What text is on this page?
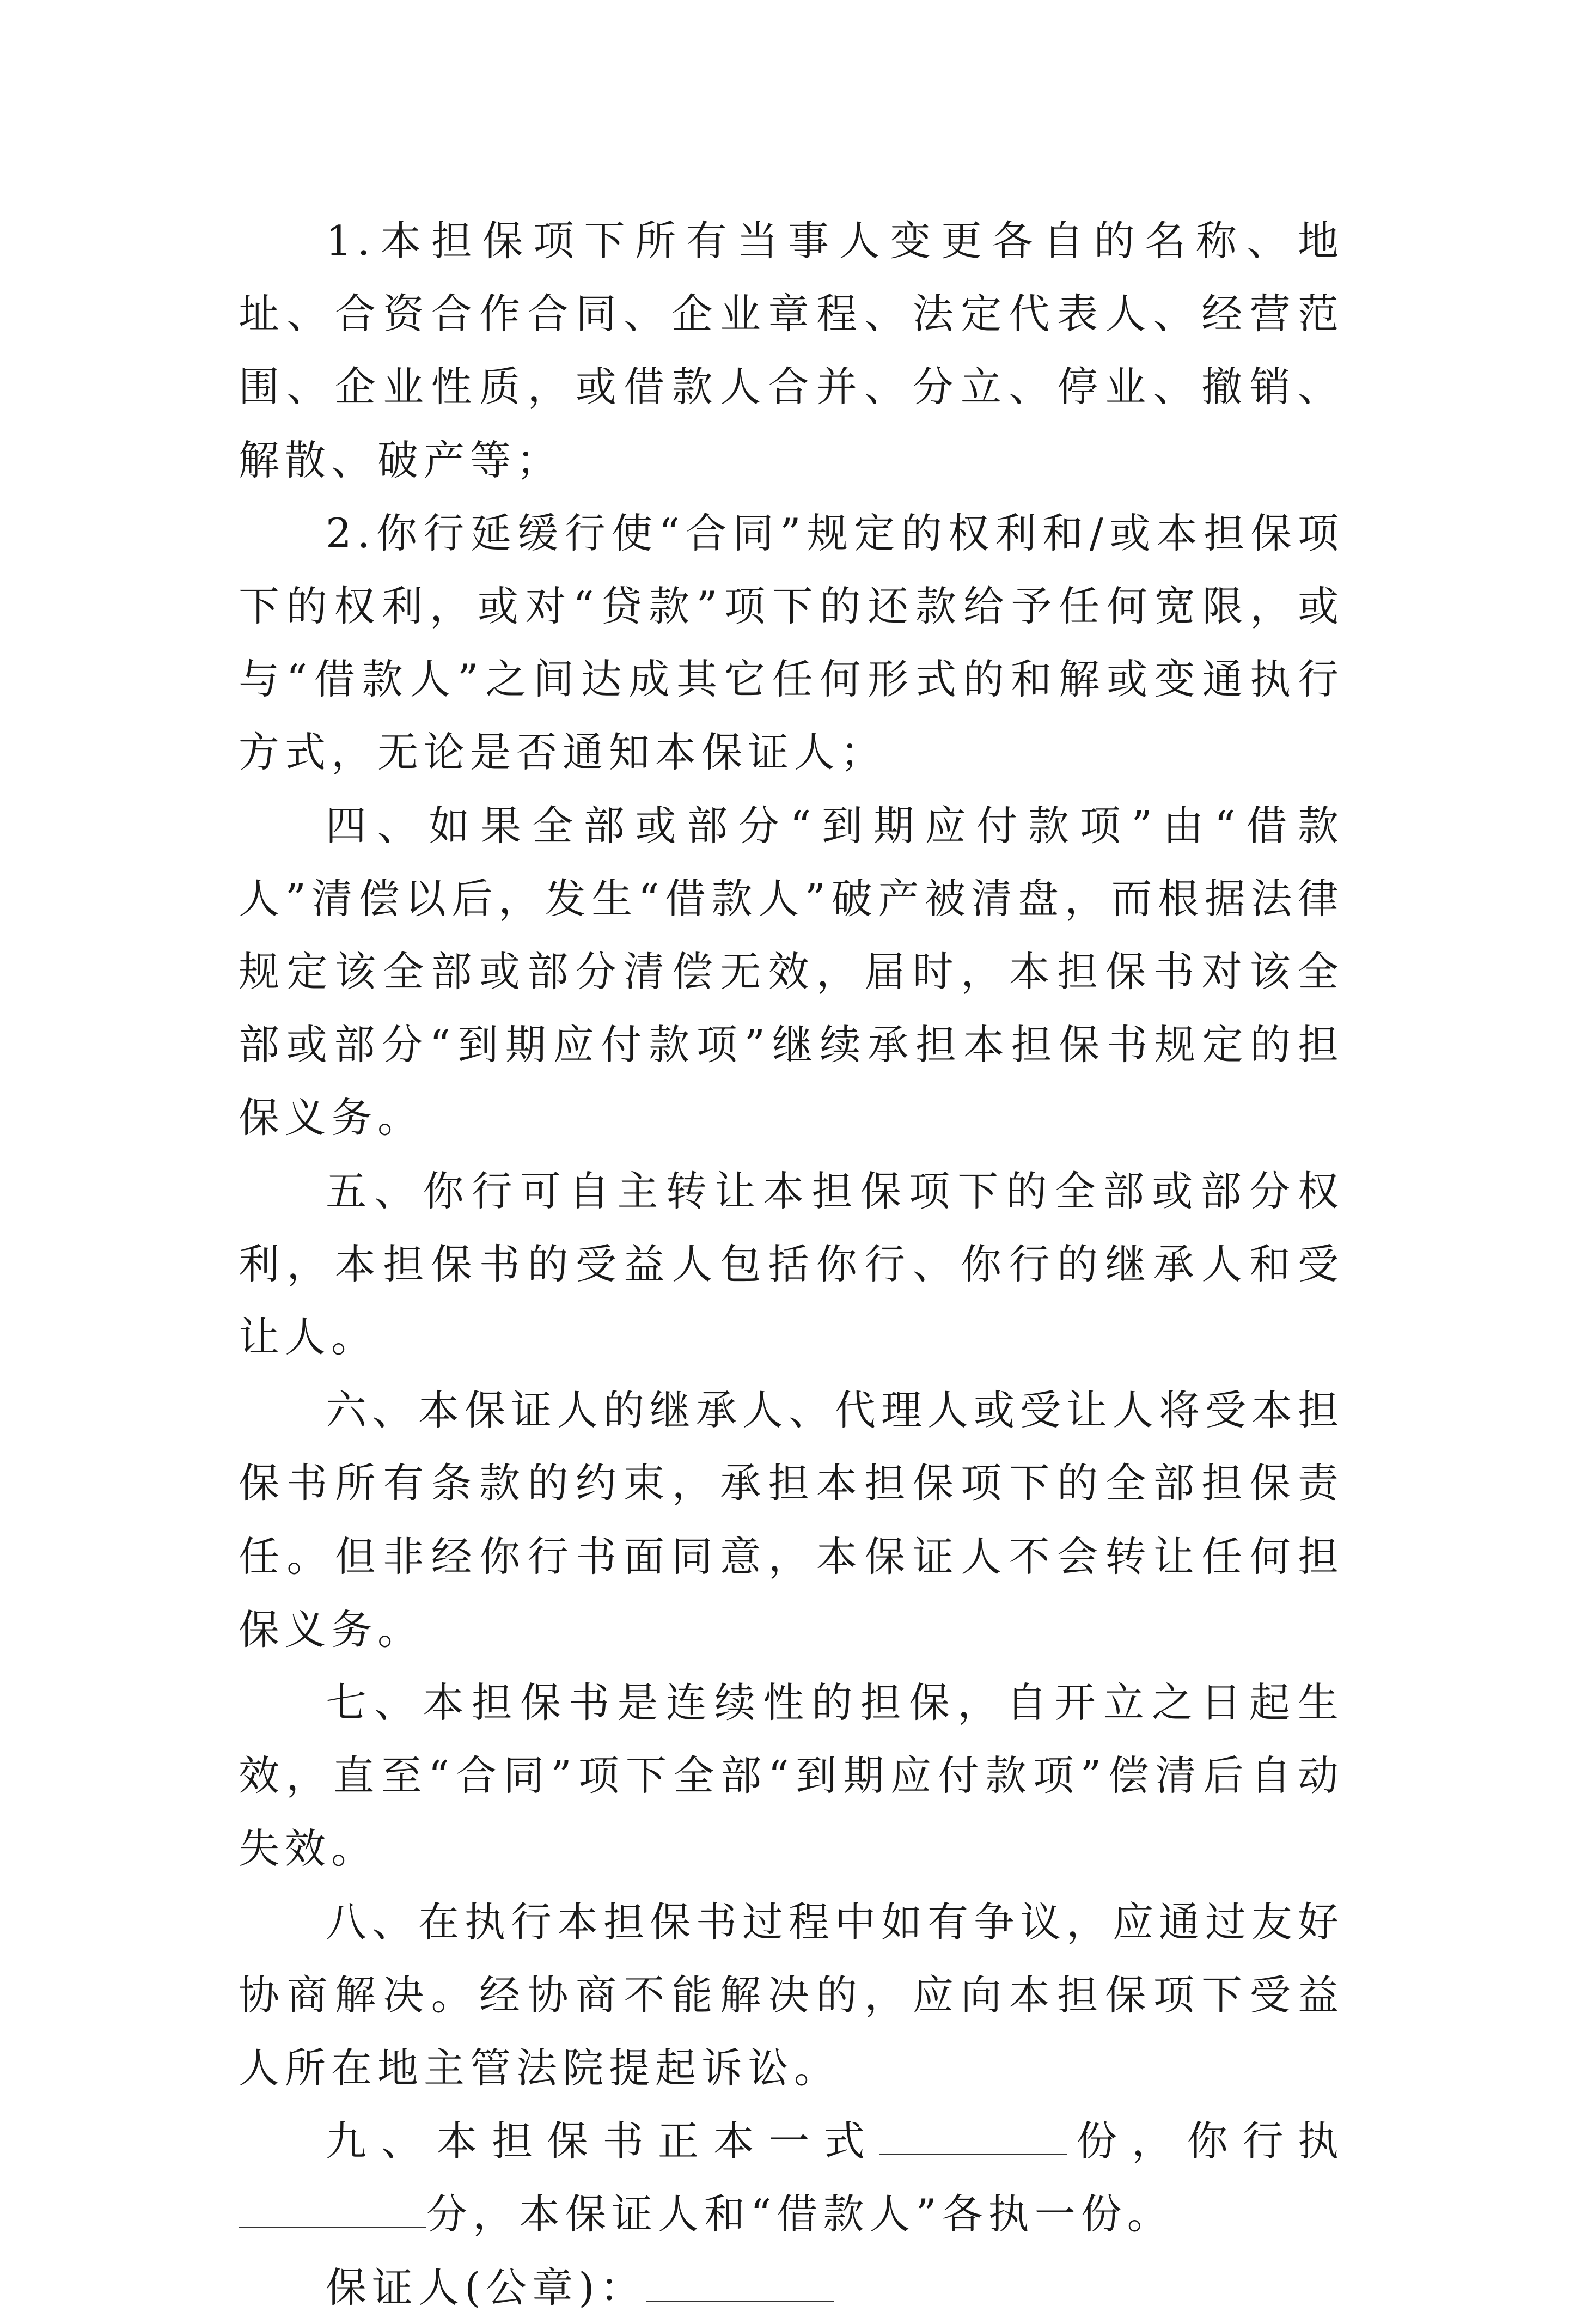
1.本担保项下所有当事人变更各自的名称、地址、合资合作合同、企业章程、法定代表人、经营范围、企业性质，或借款人合并、分立、停业、撤销、解散、破产等；

2.你行延缓行使“合同”规定的权利和/或本担保项下的权利，或对“贷款”项下的还款给予任何宽限，或与“借款人”之间达成其它任何形式的和解或变通执行方式，无论是否通知本保证人；

四、如果全部或部分“到期应付款项”由“借款人”清偿以后，发生“借款人”破产被清盘，而根据法律规定该全部或部分清偿无效，届时，本担保书对该全部或部分“到期应付款项”继续承担本担保书规定的担保义务。

五、你行可自主转让本担保项下的全部或部分权利，本担保书的受益人包括你行、你行的继承人和受让人。

六、本保证人的继承人、代理人或受让人将受本担保书所有条款的约束，承担本担保项下的全部担保责任。但非经你行书面同意，本保证人不会转让任何担保义务。

七、本担保书是连续性的担保，自开立之日起生效，直至“合同”项下全部“到期应付款项”偿清后自动失效。

八、在执行本担保书过程中如有争议，应通过友好协商解决。经协商不能解决的，应向本担保项下受益人所在地主管法院提起诉讼。

九、本担保书正本一式	份，你行执分，本保证人和“借款人”各执一份。

保证人(公章)：
